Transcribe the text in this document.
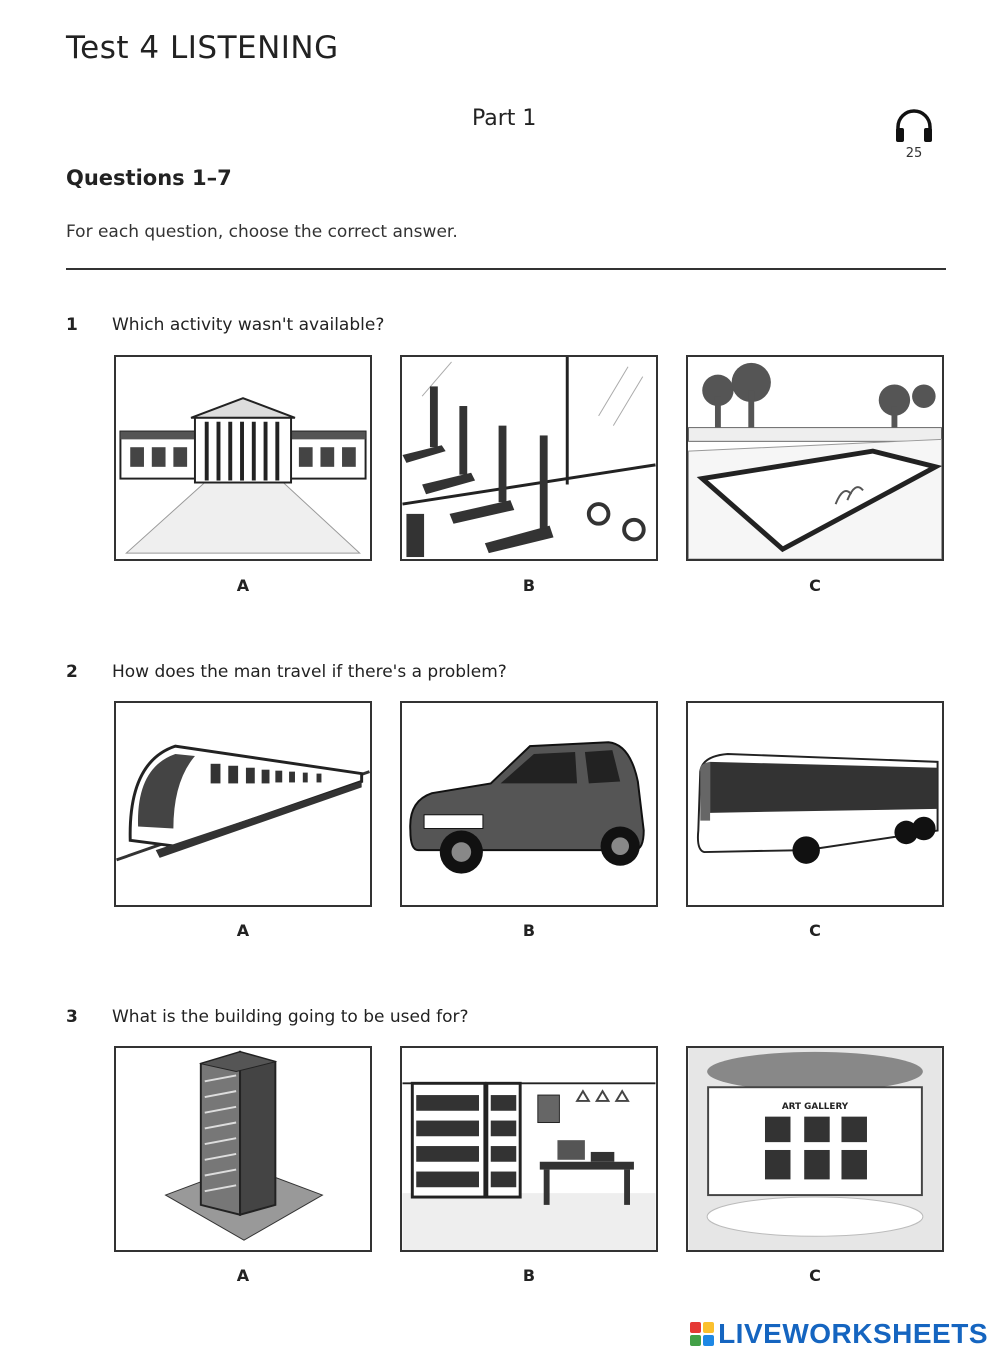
Test 4 LISTENING
Part 1
25
Questions 1–7
For each question, choose the correct answer.
1 Which activity wasn't available?
A	B	C
2 How does the man travel if there's a problem?
A	B	C
3 What is the building going to be used for?
ART GALLERY
A	B	C
LIVEWORKSHEETS
